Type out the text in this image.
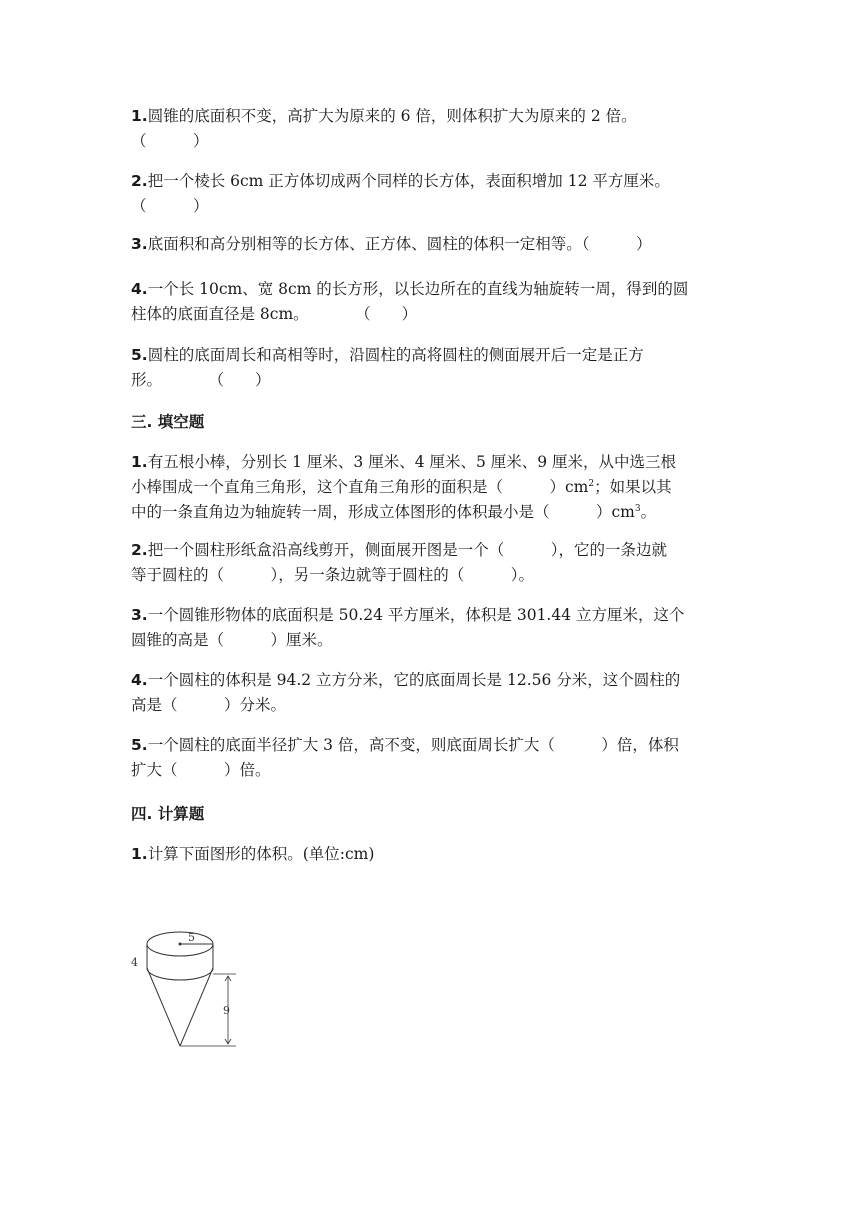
1.圆锥的底面积不变，高扩大为原来的 6 倍，则体积扩大为原来的 2 倍。
（　　　）

2.把一个棱长 6cm 正方体切成两个同样的长方体，表面积增加 12 平方厘米。
（　　　）

3.底面积和高分别相等的长方体、正方体、圆柱的体积一定相等。（　　　）

4.一个长 10cm、宽 8cm 的长方形，以长边所在的直线为轴旋转一周，得到的圆
柱体的底面直径是 8cm。　　　　（　　）

5.圆柱的底面周长和高相等时，沿圆柱的高将圆柱的侧面展开后一定是正方
形。　　　　（　　）

三. 填空题

1.有五根小棒，分别长 1 厘米、3 厘米、4 厘米、5 厘米、9 厘米，从中选三根
小棒围成一个直角三角形，这个直角三角形的面积是（　　　）$cm^2$；如果以其
中的一条直角边为轴旋转一周，形成立体图形的体积最小是（　　　）$cm^3$。

2.把一个圆柱形纸盒沿高线剪开，侧面展开图是一个（　　　），它的一条边就
等于圆柱的（　　　），另一条边就等于圆柱的（　　　）。

3.一个圆锥形物体的底面积是 50.24 平方厘米，体积是 301.44 立方厘米，这个
圆锥的高是（　　　）厘米。

4.一个圆柱的体积是 94.2 立方分米，它的底面周长是 12.56 分米，这个圆柱的
高是（　　　）分米。

5.一个圆柱的底面半径扩大 3 倍，高不变，则底面周长扩大（　　　）倍，体积
扩大（　　　）倍。

四. 计算题

1.计算下面图形的体积。(单位:cm)

5
4
9
